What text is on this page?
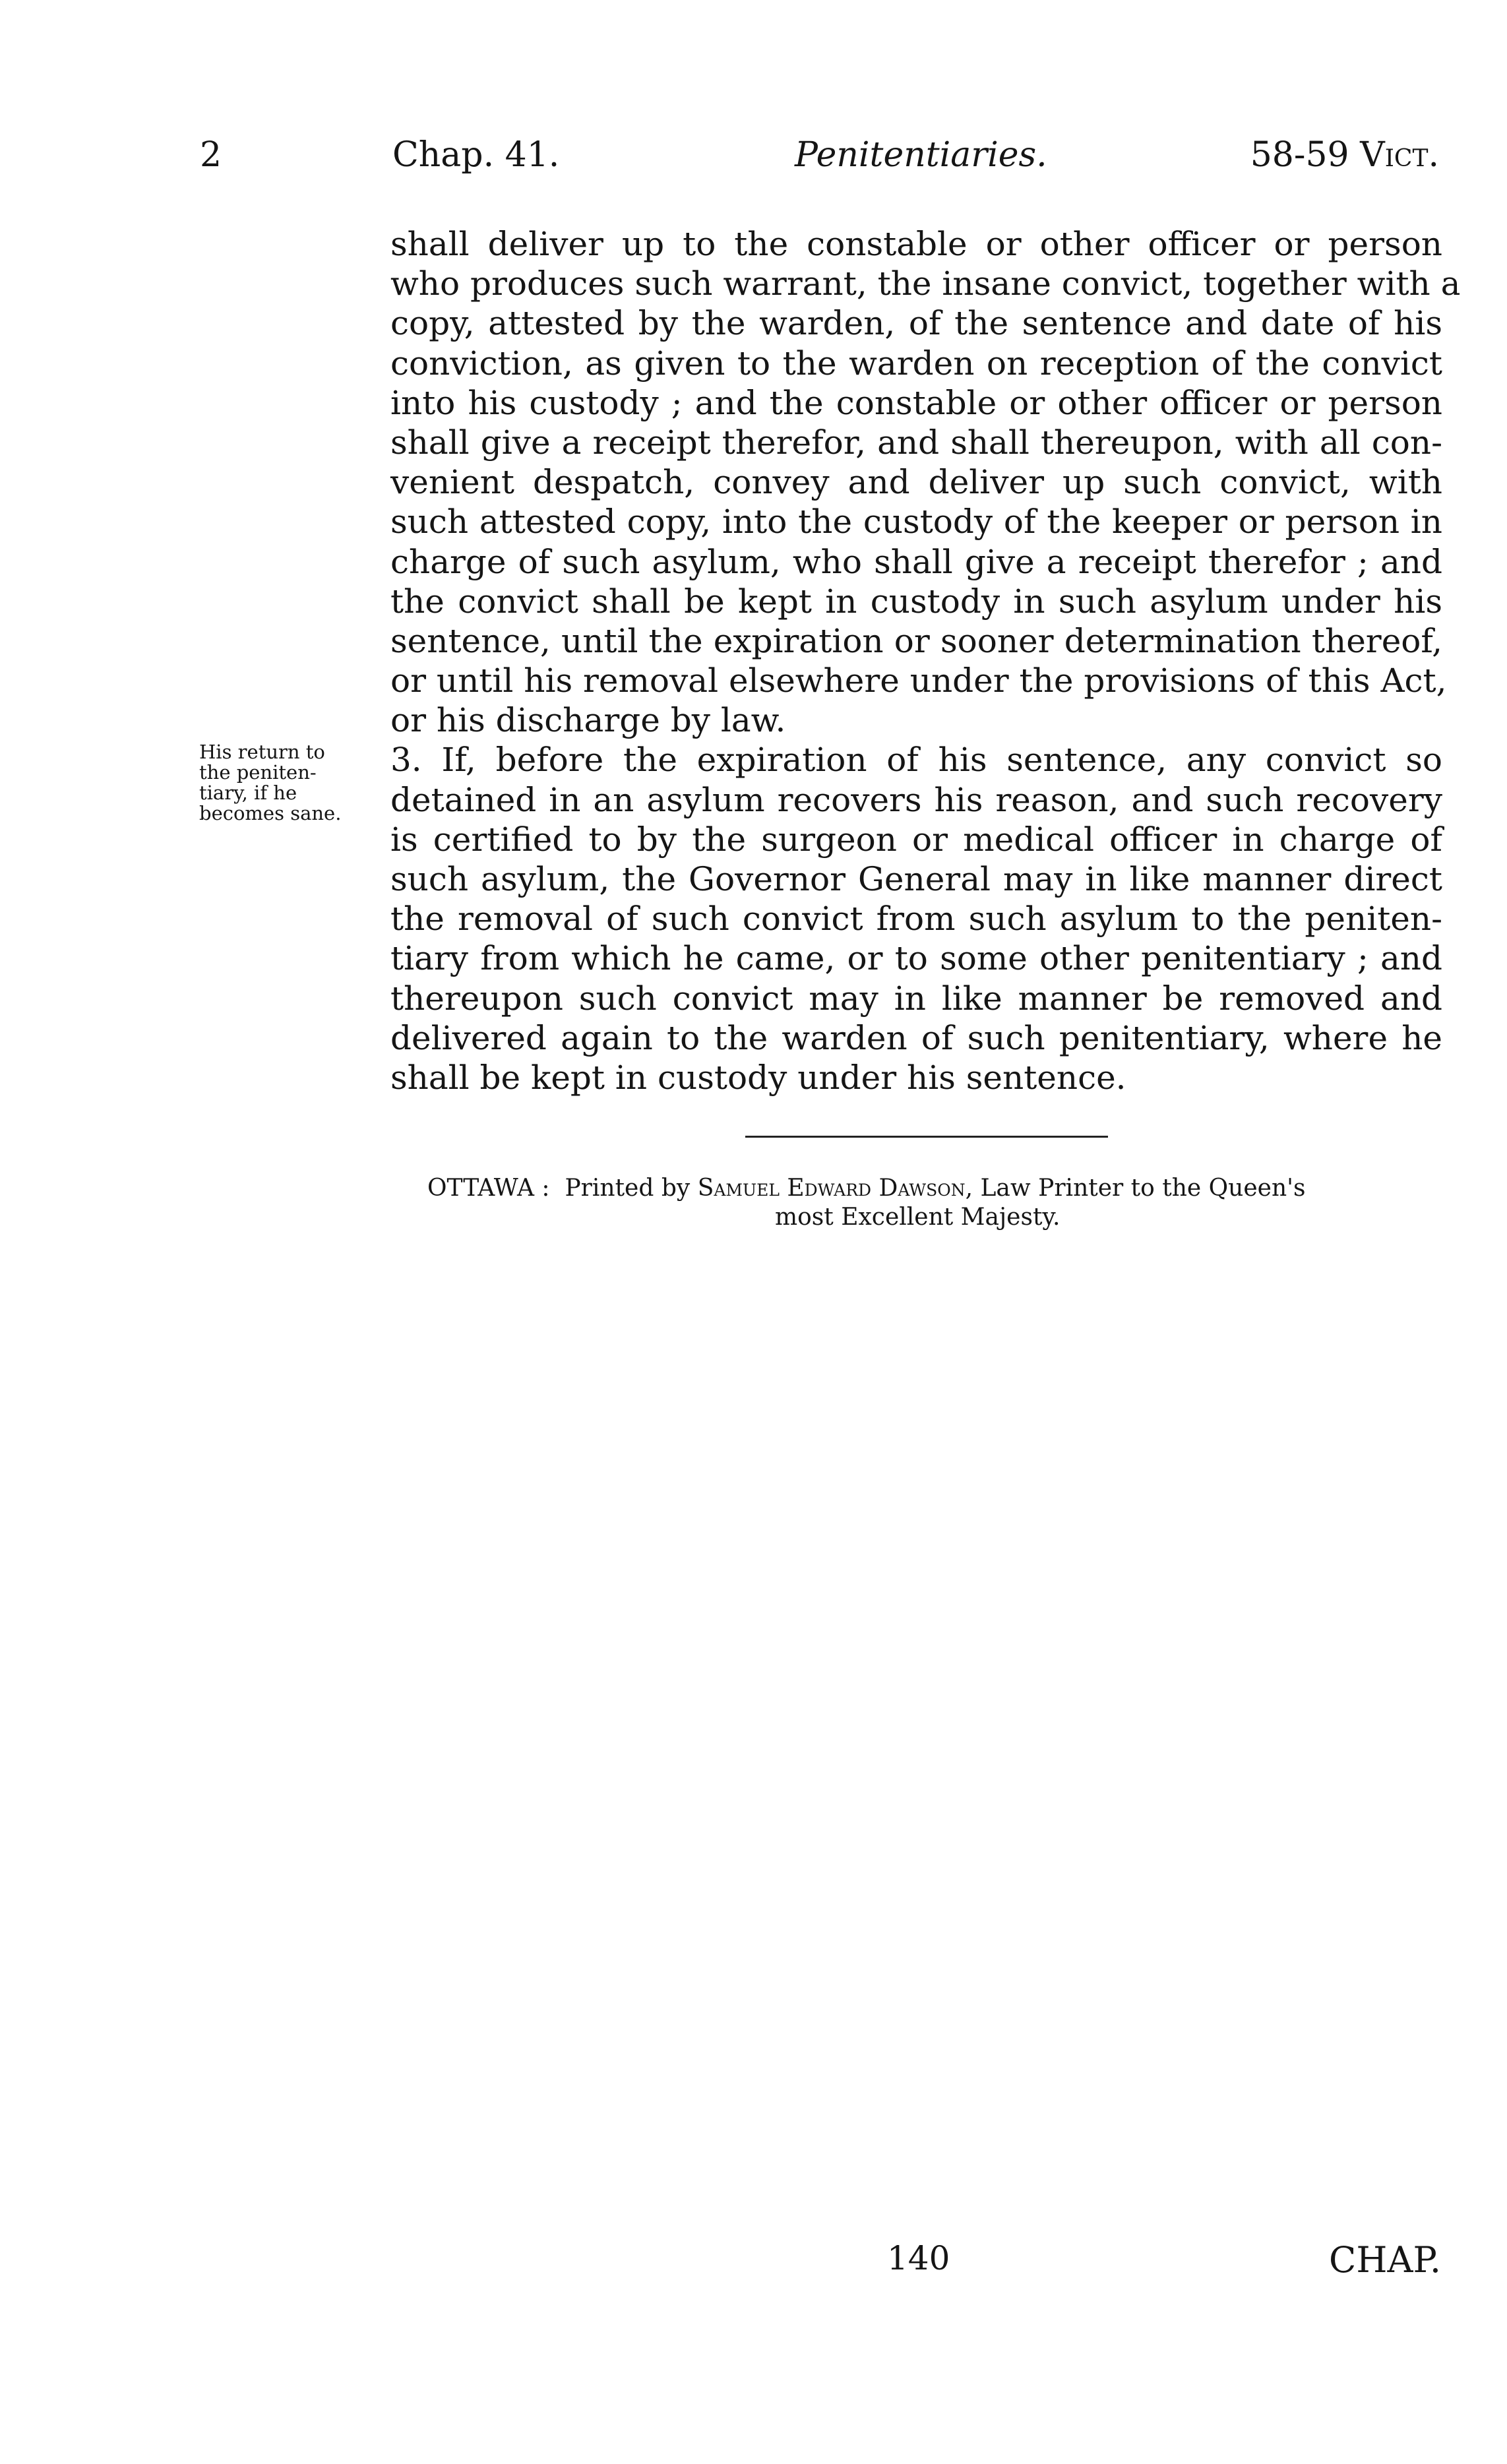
2	Chap. 41.	Penitentiaries.	58-59 Vict.
shall deliver up to the constable or other officer or person
who produces such warrant, the insane convict, together with a
copy, attested by the warden, of the sentence and date of his
conviction, as given to the warden on reception of the convict
into his custody ; and the constable or other officer or person
shall give a receipt therefor, and shall thereupon, with all con-
venient despatch, convey and deliver up such convict, with
such attested copy, into the custody of the keeper or person in
charge of such asylum, who shall give a receipt therefor ; and
the convict shall be kept in custody in such asylum under his
sentence, until the expiration or sooner determination thereof,
or until his removal elsewhere under the provisions of this Act,
or his discharge by law.
3. If, before the expiration of his sentence, any convict so
detained in an asylum recovers his reason, and such recovery
is certified to by the surgeon or medical officer in charge of
such asylum, the Governor General may in like manner direct
the removal of such convict from such asylum to the peniten-
tiary from which he came, or to some other penitentiary ; and
thereupon such convict may in like manner be removed and
delivered again to the warden of such penitentiary, where he
shall be kept in custody under his sentence.
His return to
the peniten-
tiary, if he
becomes sane.
OTTAWA : Printed by Samuel Edward Dawson, Law Printer to the Queen's
most Excellent Majesty.
140	CHAP.
